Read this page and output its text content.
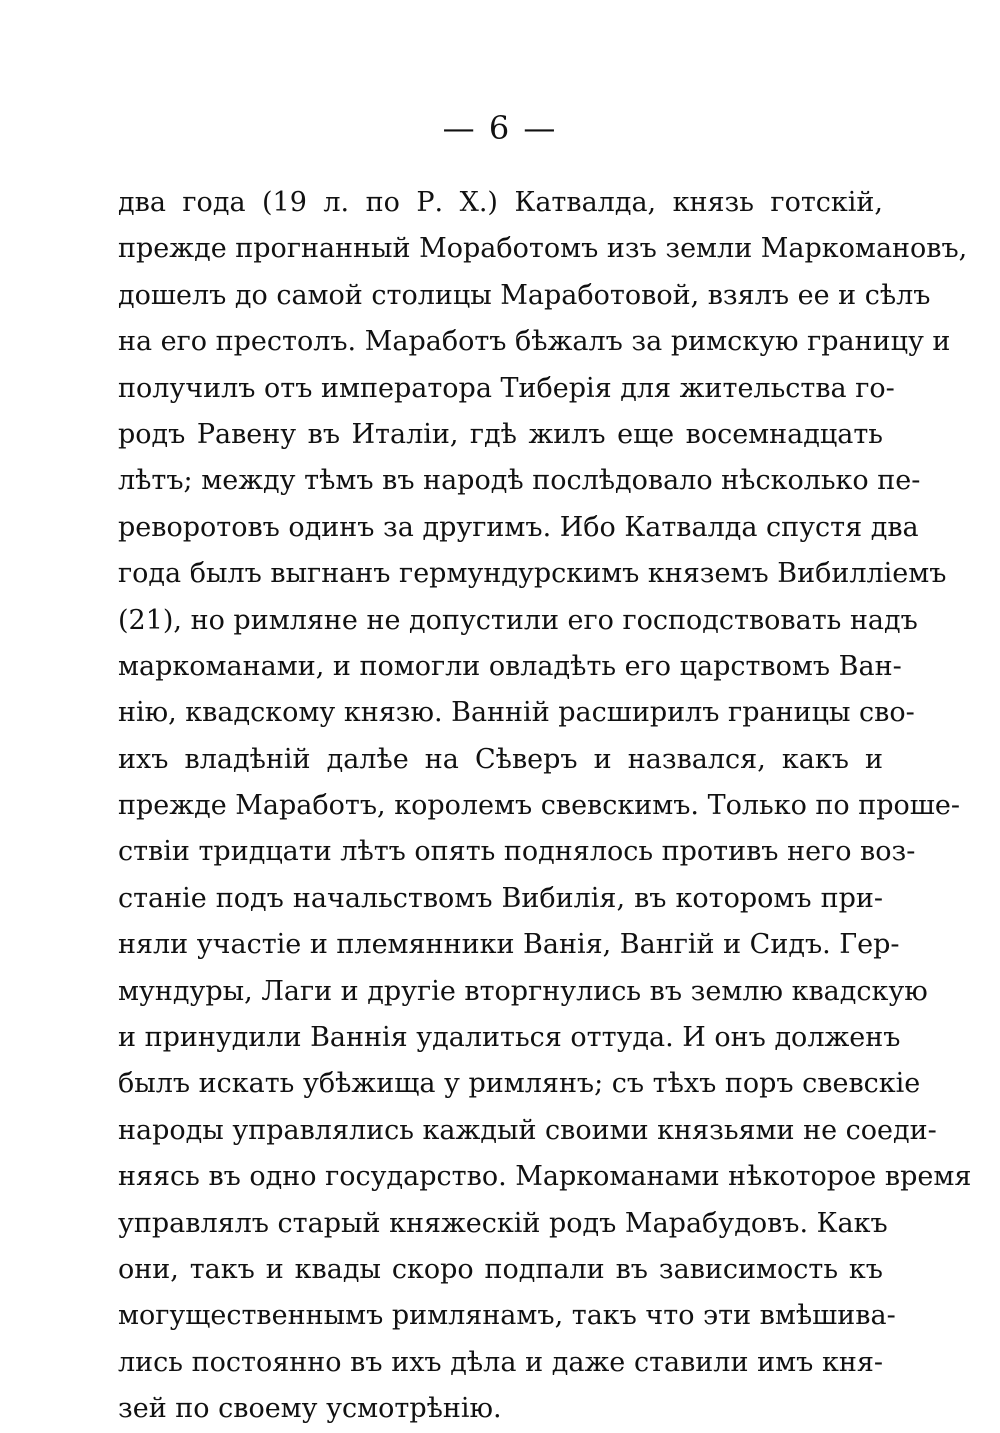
— 6 —
два года (19 л. по Р. X.) Катвалда, князь готскій,
прежде прогнанный Моработомъ изъ земли Маркомановъ,
дошелъ до самой столицы Марабoтовой, взялъ ее и сѣлъ
на его престолъ. Марaботъ бѣжалъ за римскую границу и
получилъ отъ императора Тиберія для жительства го-
родъ Равену въ Италіи, гдѣ жилъ еще восемнадцать
лѣтъ; между тѣмъ въ народѣ послѣдовало нѣсколько пе-
реворотовъ одинъ за другимъ. Ибо Катвалда спустя два
года былъ выгнанъ гермундурскимъ княземъ Вибилліемъ
(21), но римляне не допустили его господствовать надъ
маркоманами, и помогли овладѣть его царствомъ Ван-
нію, квадскому князю. Ванній расширилъ границы сво-
ихъ владѣній далѣе на Сѣверъ и назвался, какъ и
прежде Маработъ, королемъ свевскимъ. Только по проше-
ствіи тридцати лѣтъ опять поднялось противъ него воз-
станіе подъ начальствомъ Вибилія, въ которомъ при-
няли участіе и племянники Ванія, Вангій и Сидъ. Гер-
мундуры, Лаги и другіе вторгнулись въ землю квадскую
и принудили Ваннія удалиться оттуда. И онъ долженъ
былъ искать убѣжища у римлянъ; съ тѣхъ поръ свевскіе
народы управлялись каждый своими князьями не соеди-
няясь въ одно государство. Маркоманами нѣкоторое время
управлялъ старый княжескій родъ Марабудовъ. Какъ
они, такъ и квады скоро подпали въ зависимость къ
могущественнымъ римлянамъ, такъ что эти вмѣшива-
лись постоянно въ ихъ дѣла и даже ставили имъ кня-
зей по своему усмотрѣнію.
